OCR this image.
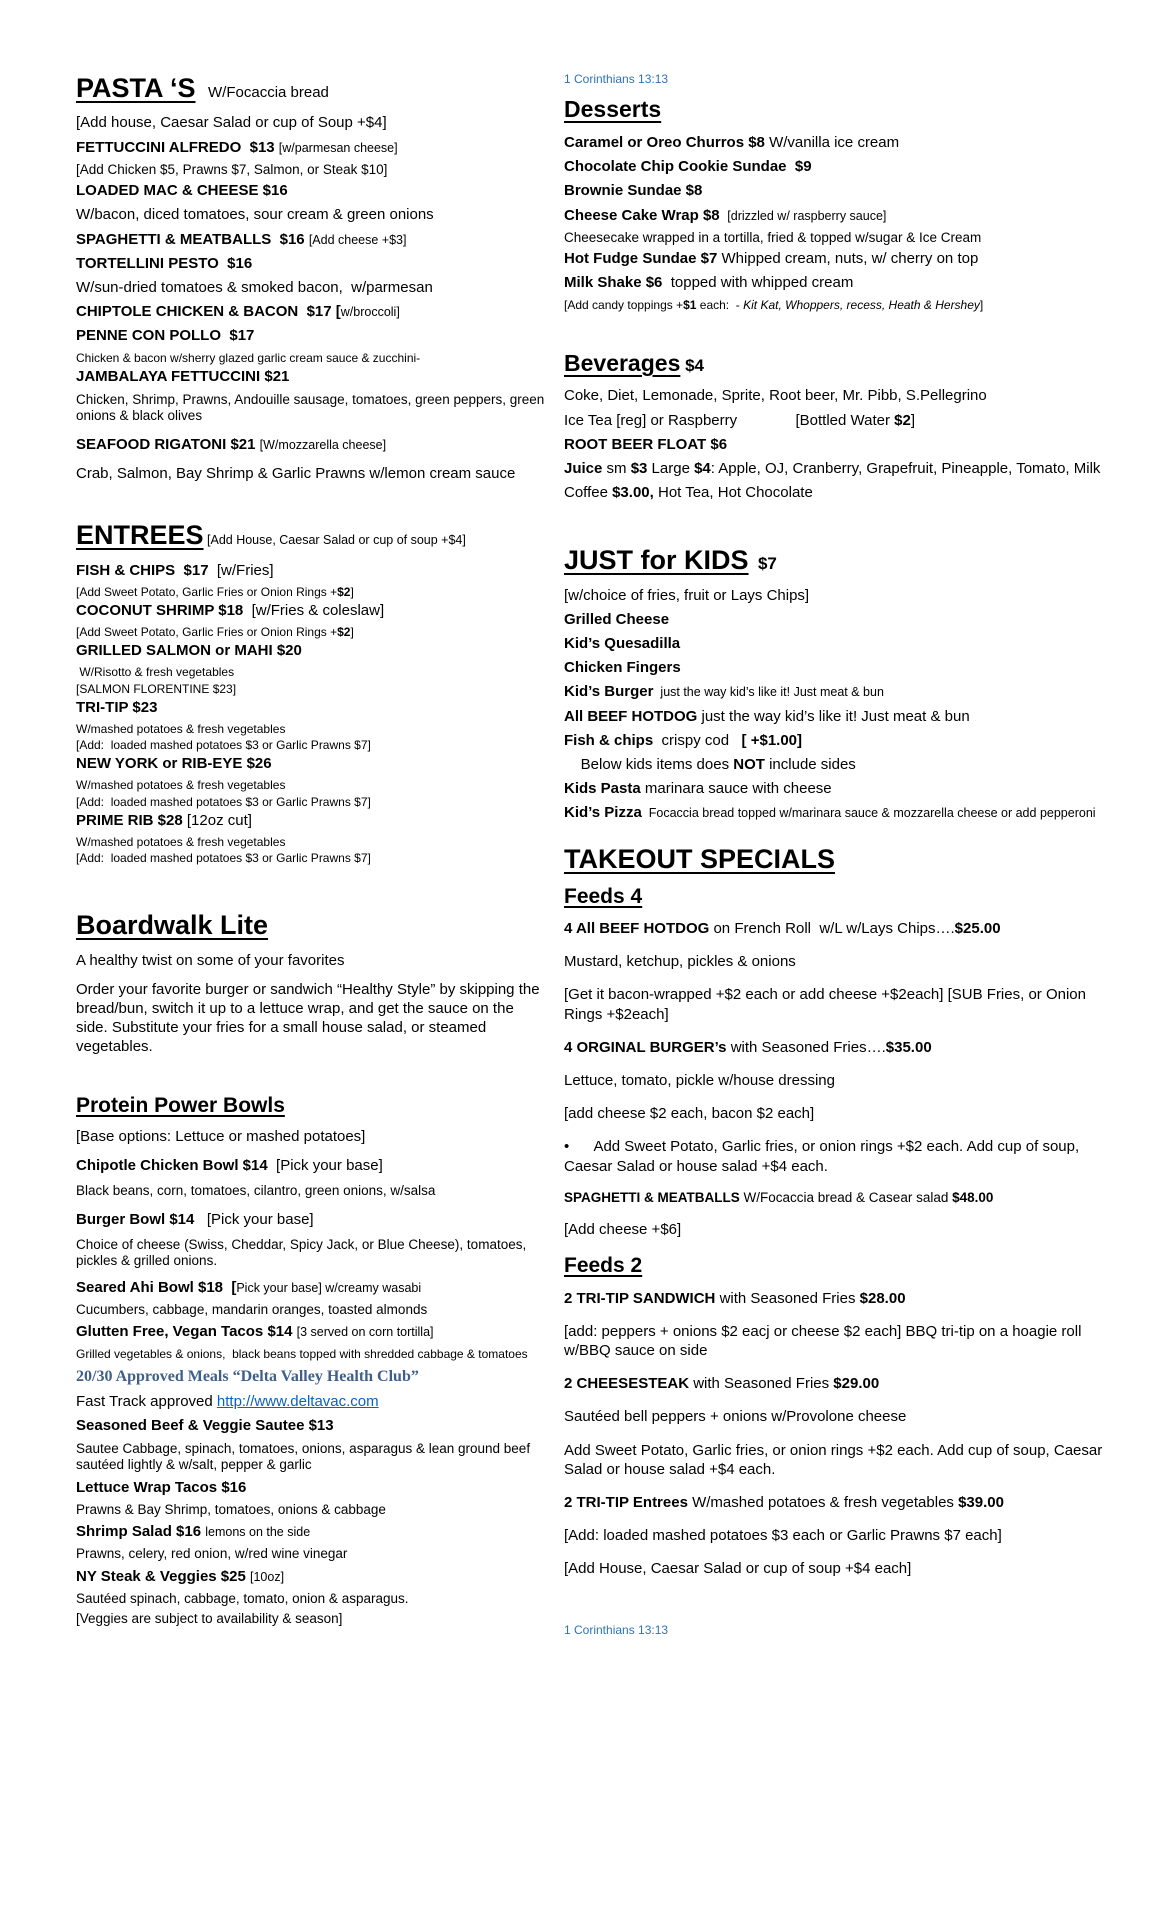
PASTA ‘S   W/Focaccia bread
[Add house, Caesar Salad or cup of Soup +$4]
FETTUCCINI ALFREDO  $13 [w/parmesan cheese]
[Add Chicken $5, Prawns $7, Salmon, or Steak $10]
LOADED MAC & CHEESE $16
W/bacon, diced tomatoes, sour cream & green onions
SPAGHETTI & MEATBALLS  $16 [Add cheese +$3]
TORTELLINI PESTO  $16
W/sun-dried tomatoes & smoked bacon,  w/parmesan
CHIPTOLE CHICKEN & BACON  $17 [w/broccoli]
PENNE CON POLLO  $17
Chicken & bacon w/sherry glazed garlic cream sauce & zucchini-
JAMBALAYA FETTUCCINI $21
Chicken, Shrimp, Prawns, Andouille sausage, tomatoes, green peppers, green onions & black olives
SEAFOOD RIGATONI $21 [W/mozzarella cheese]
Crab, Salmon, Bay Shrimp & Garlic Prawns w/lemon cream sauce
ENTREES [Add House, Caesar Salad or cup of soup +$4]
FISH & CHIPS  $17  [w/Fries]
[Add Sweet Potato, Garlic Fries or Onion Rings +$2]
COCONUT SHRIMP $18  [w/Fries & coleslaw]
[Add Sweet Potato, Garlic Fries or Onion Rings +$2]
GRILLED SALMON or MAHI $20
W/Risotto & fresh vegetables
[SALMON FLORENTINE $23]
TRI-TIP $23
W/mashed potatoes & fresh vegetables
[Add:  loaded mashed potatoes $3 or Garlic Prawns $7]
NEW YORK or RIB-EYE $26
W/mashed potatoes & fresh vegetables
[Add:  loaded mashed potatoes $3 or Garlic Prawns $7]
PRIME RIB $28 [12oz cut]
W/mashed potatoes & fresh vegetables
[Add:  loaded mashed potatoes $3 or Garlic Prawns $7]
Boardwalk Lite
A healthy twist on some of your favorites
Order your favorite burger or sandwich “Healthy Style” by skipping the bread/bun, switch it up to a lettuce wrap, and get the sauce on the side. Substitute your fries for a small house salad, or steamed vegetables.
Protein Power Bowls
[Base options: Lettuce or mashed potatoes]
Chipotle Chicken Bowl $14  [Pick your base]
Black beans, corn, tomatoes, cilantro, green onions, w/salsa
Burger Bowl $14   [Pick your base]
Choice of cheese (Swiss, Cheddar, Spicy Jack, or Blue Cheese), tomatoes, pickles & grilled onions.
Seared Ahi Bowl $18  [Pick your base] w/creamy wasabi
Cucumbers, cabbage, mandarin oranges, toasted almonds
Glutten Free, Vegan Tacos $14 [3 served on corn tortilla]
Grilled vegetables & onions,  black beans topped with shredded cabbage & tomatoes
20/30 Approved Meals “Delta Valley Health Club”
Fast Track approved http://www.deltavac.com
Seasoned Beef & Veggie Sautee $13
Sautee Cabbage, spinach, tomatoes, onions, asparagus & lean ground beef sautéed lightly & w/salt, pepper & garlic
Lettuce Wrap Tacos $16
Prawns & Bay Shrimp, tomatoes, onions & cabbage
Shrimp Salad $16 lemons on the side
Prawns, celery, red onion, w/red wine vinegar
NY Steak & Veggies $25 [10oz]
Sautéed spinach, cabbage, tomato, onion & asparagus.
[Veggies are subject to availability & season]
1 Corinthians 13:13
Desserts
Caramel or Oreo Churros $8 W/vanilla ice cream
Chocolate Chip Cookie Sundae  $9
Brownie Sundae $8
Cheese Cake Wrap $8  [drizzled w/ raspberry sauce]
Cheesecake wrapped in a tortilla, fried & topped w/sugar & Ice Cream
Hot Fudge Sundae $7 Whipped cream, nuts, w/ cherry on top
Milk Shake $6  topped with whipped cream
[Add candy toppings +$1 each:  - Kit Kat, Whoppers, recess, Heath & Hershey]
Beverages $4
Coke, Diet, Lemonade, Sprite, Root beer, Mr. Pibb, S.Pellegrino
Ice Tea [reg] or Raspberry              [Bottled Water $2]
ROOT BEER FLOAT $6
Juice sm $3 Large $4: Apple, OJ, Cranberry, Grapefruit, Pineapple, Tomato, Milk
Coffee $3.00, Hot Tea, Hot Chocolate
JUST for KIDS  $7
[w/choice of fries, fruit or Lays Chips]
Grilled Cheese
Kid’s Quesadilla
Chicken Fingers
Kid’s Burger  just the way kid’s like it! Just meat & bun
All BEEF HOTDOG just the way kid’s like it! Just meat & bun
Fish & chips  crispy cod   [ +$1.00]
Below kids items does NOT include sides
Kids Pasta marinara sauce with cheese
Kid’s Pizza  Focaccia bread topped w/marinara sauce & mozzarella cheese or add pepperoni
TAKEOUT SPECIALS
Feeds 4
4 All BEEF HOTDOG on French Roll  w/L w/Lays Chips….$25.00
Mustard, ketchup, pickles & onions
[Get it bacon-wrapped +$2 each or add cheese +$2each] [SUB Fries, or Onion Rings +$2each]
4 ORGINAL BURGER’s with Seasoned Fries….$35.00
Lettuce, tomato, pickle w/house dressing
[add cheese $2 each, bacon $2 each]
•      Add Sweet Potato, Garlic fries, or onion rings +$2 each. Add cup of soup, Caesar Salad or house salad +$4 each.
SPAGHETTI & MEATBALLS W/Focaccia bread & Casear salad $48.00
[Add cheese +$6]
Feeds 2
2 TRI-TIP SANDWICH with Seasoned Fries $28.00
[add: peppers + onions $2 eacj or cheese $2 each] BBQ tri-tip on a hoagie roll w/BBQ sauce on side
2 CHEESESTEAK with Seasoned Fries $29.00
Sautéed bell peppers + onions w/Provolone cheese
Add Sweet Potato, Garlic fries, or onion rings +$2 each. Add cup of soup, Caesar Salad or house salad +$4 each.
2 TRI-TIP Entrees W/mashed potatoes & fresh vegetables $39.00
[Add: loaded mashed potatoes $3 each or Garlic Prawns $7 each]
[Add House, Caesar Salad or cup of soup +$4 each]
1 Corinthians 13:13
